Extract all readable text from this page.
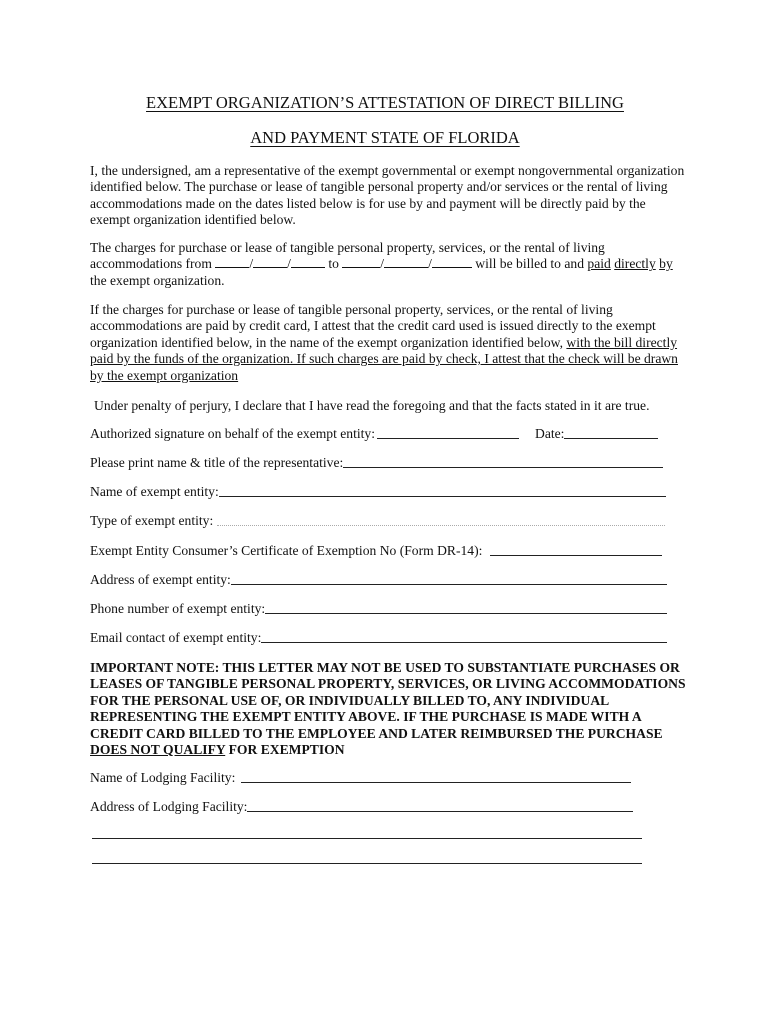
EXEMPT ORGANIZATION’S ATTESTATION OF DIRECT BILLING
AND PAYMENT STATE OF FLORIDA

I, the undersigned, am a representative of the exempt governmental or exempt nongovernmental organization identified below. The purchase or lease of tangible personal property and/or services or the rental of living accommodations made on the dates listed below is for use by and payment will be directly paid by the exempt organization identified below.

The charges for purchase or lease of tangible personal property, services, or the rental of living accommodations from	/	/	to	/	/	will be billed to and paid directly by the exempt organization.

If the charges for purchase or lease of tangible personal property, services, or the rental of living accommodations are paid by credit card, I attest that the credit card used is issued directly to the exempt organization identified below, in the name of the exempt organization identified below, with the bill directly paid by the funds of the organization. If such charges are paid by check, I attest that the check will be drawn by the exempt organization

Under penalty of perjury, I declare that I have read the foregoing and that the facts stated in it are true.

Authorized signature on behalf of the exempt entity:	Date:
Please print name & title of the representative:
Name of exempt entity:
Type of exempt entity:
Exempt Entity Consumer’s Certificate of Exemption No (Form DR-14):
Address of exempt entity:
Phone number of exempt entity:
Email contact of exempt entity:

IMPORTANT NOTE: THIS LETTER MAY NOT BE USED TO SUBSTANTIATE PURCHASES OR LEASES OF TANGIBLE PERSONAL PROPERTY, SERVICES, OR LIVING ACCOMMODATIONS FOR THE PERSONAL USE OF, OR INDIVIDUALLY BILLED TO, ANY INDIVIDUAL REPRESENTING THE EXEMPT ENTITY ABOVE. IF THE PURCHASE IS MADE WITH A CREDIT CARD BILLED TO THE EMPLOYEE AND LATER REIMBURSED THE PURCHASE DOES NOT QUALIFY FOR EXEMPTION

Name of Lodging Facility:
Address of Lodging Facility:
